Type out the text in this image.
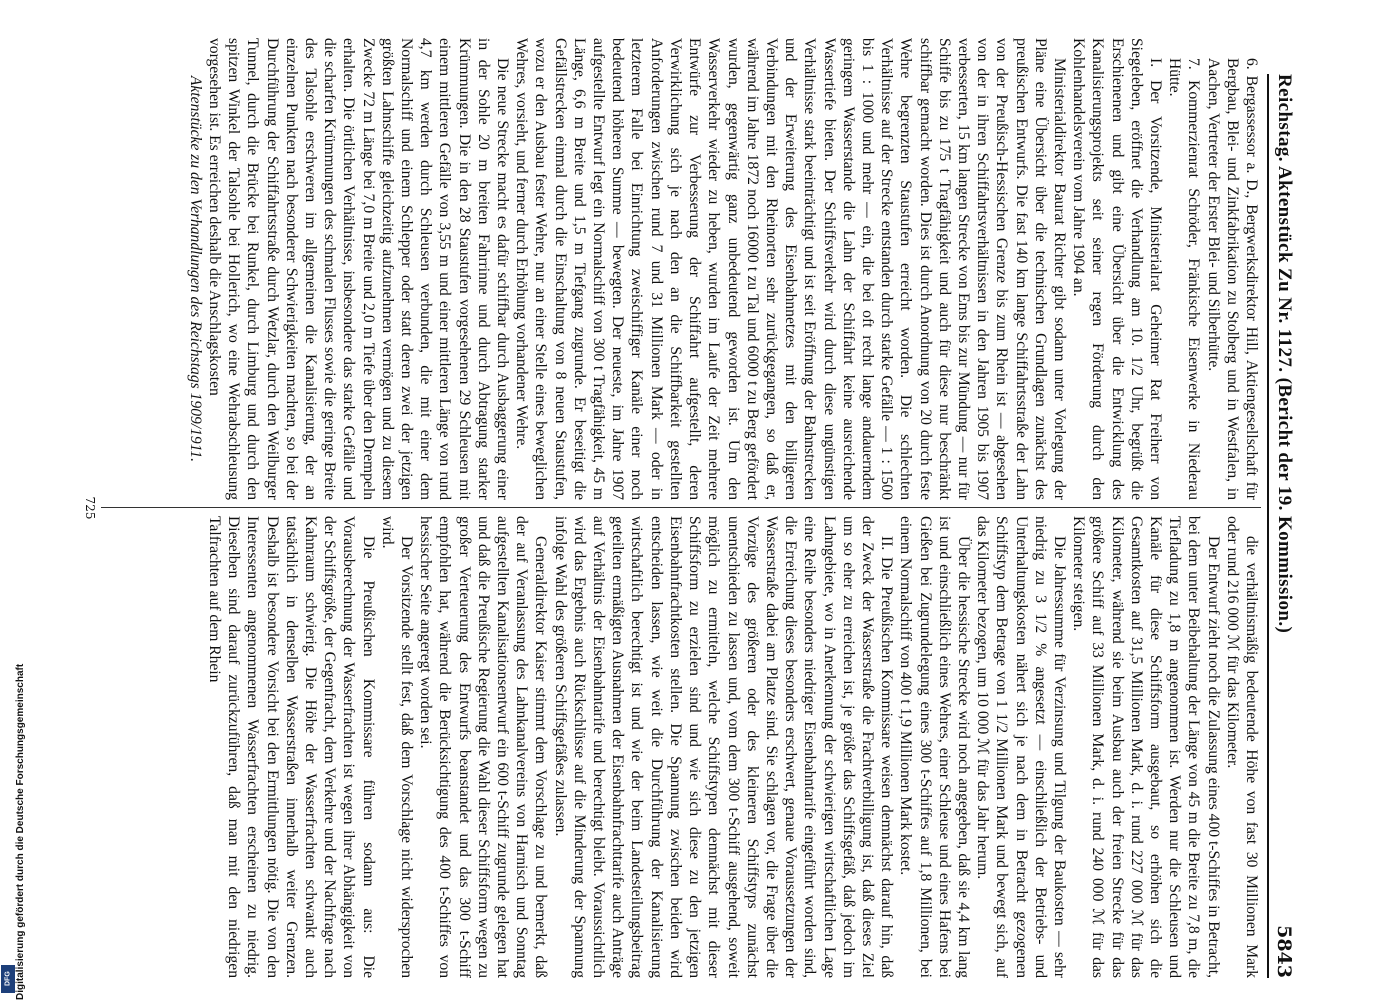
Reichstag. Aktenstück Zu Nr. 1127. (Bericht der 19. Kommission.)
5843

6. Bergassessor a. D., Bergwerksdirektor Hill, Aktiengesellschaft für Bergbau, Blei- und Zinkfabrikation zu Stolberg und in Westfalen, in Aachen, Vertreter der Erster Blei- und Silberhütte.

7. Kommerzienrat Schröder, Fränkische Eisenwerke in Niederau Hütte.

I. Der Vorsitzende, Ministerialrat Geheimer Rat Freiherr von Siegeleben, eröffnet die Verhandlung am 10. 1/2 Uhr, begrüßt die Erschienenen und gibt eine Übersicht über die Entwicklung des Kanalisierungsprojekts seit seiner regen Förderung durch den Kohlenhandelsverein vom Jahre 1904 an.

Ministerialdirektor Baurat Richter gibt sodann unter Vorlegung der Pläne eine Übersicht über die technischen Grundlagen zunächst des preußischen Entwurfs. Die fast 140 km lange Schiffahrtsstraße der Lahn von der Preußisch-Hessischen Grenze bis zum Rhein ist — abgesehen von der in ihren Schiffahrtsverhältnissen in den Jahren 1905 bis 1907 verbesserten, 15 km langen Strecke von Ems bis zur Mündung — nur für Schiffe bis zu 175 t Tragfähigkeit und auch für diese nur beschränkt schiffbar gemacht worden. Dies ist durch Anordnung von 20 durch feste Wehre begrenzten Staustufen erreicht worden. Die schlechten Verhältnisse auf der Strecke entstanden durch starke Gefälle — 1 : 1500 bis 1 : 1000 und mehr — ein, die bei oft recht lange andauerndem geringem Wasserstande die Lahn der Schiffahrt keine ausreichende Wassertiefe bieten. Der Schiffsverkehr wird durch diese ungünstigen Verhältnisse stark beeinträchtigt und ist seit Eröffnung der Bahnstrecken und der Erweiterung des Eisenbahnnetzes mit den billigeren Verbindungen mit den Rheinorten sehr zurückgegangen, so daß er, während im Jahre 1872 noch 16000 t zu Tal und 6000 t zu Berg gefördert wurden, gegenwärtig ganz unbedeutend geworden ist. Um den Wasserverkehr wieder zu heben, wurden im Laufe der Zeit mehrere Entwürfe zur Verbesserung der Schiffahrt aufgestellt, deren Verwirklichung sich je nach den an die Schiffbarkeit gestellten Anforderungen zwischen rund 7 und 31 Millionen Mark — oder in letzterem Falle bei Einrichtung zweischiffiger Kanäle einer noch bedeutend höheren Summe — bewegten. Der neueste, im Jahre 1907 aufgestellte Entwurf legt ein Normalschiff von 300 t Tragfähigkeit, 45 m Länge, 6,6 m Breite und 1,5 m Tiefgang zugrunde. Er beseitigt die Gefällstrecken einmal durch die Einschaltung von 8 neuen Staustufen, wozu er den Ausbau fester Wehre, nur an einer Stelle eines beweglichen Wehres, vorsieht, und ferner durch Erhöhung vorhandener Wehre.

Die neue Strecke macht es dafür schiffbar durch Ausbaggerung einer in der Sohle 20 m breiten Fahrrinne und durch Abtragung starker Krümmungen. Die in den 28 Staustufen vorgesehenen 29 Schleusen mit einem mittleren Gefälle von 3,55 m und einer mittleren Länge von rund 4,7 km werden durch Schleusen verbunden, die mit einer dem Normalschiff und einem Schlepper oder statt deren zwei der jetzigen größten Lahnschiffe gleichzeitig aufzunehmen vermögen und zu diesem Zwecke 72 m Länge bei 7,0 m Breite und 2,0 m Tiefe über den Drempeln erhalten. Die örtlichen Verhältnisse, insbesondere das starke Gefälle und die scharfen Krümmungen des schmalen Flusses sowie die geringe Breite des Talsohle erschweren im allgemeinen die Kanalisierung, der an einzelnen Punkten nach besonderer Schwierigkeiten machten, so bei der Durchführung der Schiffahrtsstraße durch Wetzlar, durch den Weilburger Tunnel, durch die Brücke bei Runkel, durch Limburg und durch den spitzen Winkel der Talsohle bei Hollerich, wo eine Wehrabschleusung vorgesehen ist. Es erreichen deshalb die Anschlagskosten

Aktenstücke zu den Verhandlungen des Reichstags 1909/1911.

die verhältnismäßig bedeutende Höhe von fast 30 Millionen Mark oder rund 216 000 ℳ für das Kilometer.

Der Entwurf zieht noch die Zulassung eines 400 t-Schiffes in Betracht, bei dem unter Beibehaltung der Länge von 45 m die Breite zu 7,8 m, die Tiefladung zu 1,8 m angenommen ist. Werden nur die Schleusen und Kanäle für diese Schiffsform ausgebaut, so erhöhen sich die Gesamtkosten auf 31,5 Millionen Mark, d. i. rund 227 000 ℳ für das Kilometer, während sie beim Ausbau auch der freien Strecke für das größere Schiff auf 33 Millionen Mark, d. i. rund 240 000 ℳ für das Kilometer steigen.

Die Jahressumme für Verzinsung und Tilgung der Baukosten — sehr niedrig zu 3 1/2 % angesetzt — einschließlich der Betriebs- und Unterhaltungskosten nähert sich je nach dem in Betracht gezogenen Schiffstyp dem Betrage von 1 1/2 Millionen Mark und bewegt sich, auf das Kilometer bezogen, um 10 000 ℳ für das Jahr herum.

Über die hessische Strecke wird noch angegeben, daß sie 4,4 km lang ist und einschließlich eines Wehres, einer Schleuse und eines Hafens bei Gießen bei Zugrundelegung eines 300 t-Schiffes auf 1,8 Millionen, bei einem Normalschiff von 400 t 1,9 Millionen Mark kostet.

II. Die Preußischen Kommissare weisen demnächst darauf hin, daß der Zweck der Wasserstraße die Frachtverbilligung ist, daß dieses Ziel um so eher zu erreichen ist, je größer das Schiffsgefäß, daß jedoch im Lahngebiete, wo in Anerkennung der schwierigen wirtschaftlichen Lage eine Reihe besonders niedriger Eisenbahntarife eingeführt worden sind, die Erreichung dieses besonders erschwert, genaue Voraussetzungen der Wasserstraße dabei am Platze sind. Sie schlagen vor, die Frage über die Vorzüge des größeren oder des kleineren Schiffstyps zunächst unentschieden zu lassen und, vom dem 300 t-Schiff ausgehend, soweit möglich zu ermitteln, welche Schiffstypen demnächst mit dieser Schiffsform zu erzielen sind und wie sich diese zu den jetzigen Eisenbahnfrachtkosten stellen. Die Spannung zwischen beiden wird entscheiden lassen, wie weit die Durchführung der Kanalisierung wirtschaftlich berechtigt ist und wie der beim Landesteilungsbeitrag geteilten ermäßigten Ausnahmen der Eisenbahnfrachttarife auch Anträge auf Verhältnis der Eisenbahntarife und berechtigt bleibt. Voraussichtlich wird das Ergebnis auch Rückschlüsse auf die Minderung der Spannung infolge Wahl des größeren Schiffsgefäßes zulassen.

Generaldirektor Kaiser stimmt dem Vorschlage zu und bemerkt, daß der auf Veranlassung des Lahnkanalvereins von Harnisch und Sonntag aufgestellten Kanalisationsentwurf ein 600 t-Schiff zugrunde gelegen hat und daß die Preußische Regierung die Wahl dieser Schiffsform wegen zu großer Verteuerung des Entwurfs beanstandet und das 300 t-Schiff empfohlen hat, während die Berücksichtigung des 400 t-Schiffes von hessischer Seite angeregt worden sei.

Der Vorsitzende stellt fest, daß dem Vorschlage nicht widersprochen wird.

Die Preußischen Kommissare führen sodann aus: Die Vorausberechnung der Wasserfrachten ist wegen ihrer Abhängigkeit von der Schiffsgröße, der Gegenfracht, dem Verkehre und der Nachfrage nach Kahnraum schwierig. Die Höhe der Wasserfrachten schwankt auch tatsächlich in denselben Wasserstraßen innerhalb weiter Grenzen. Deshalb ist besondere Vorsicht bei den Ermittlungen nötig. Die von den Interessenten angenommenen Wasserfrachten erscheinen zu niedrig. Dieselben sind darauf zurückzuführen, daß man mit den niedrigen Talfrachten auf dem Rhein

725
Digitalisierung gefördert durch die Deutsche Forschungsgemeinschaft
DFG
